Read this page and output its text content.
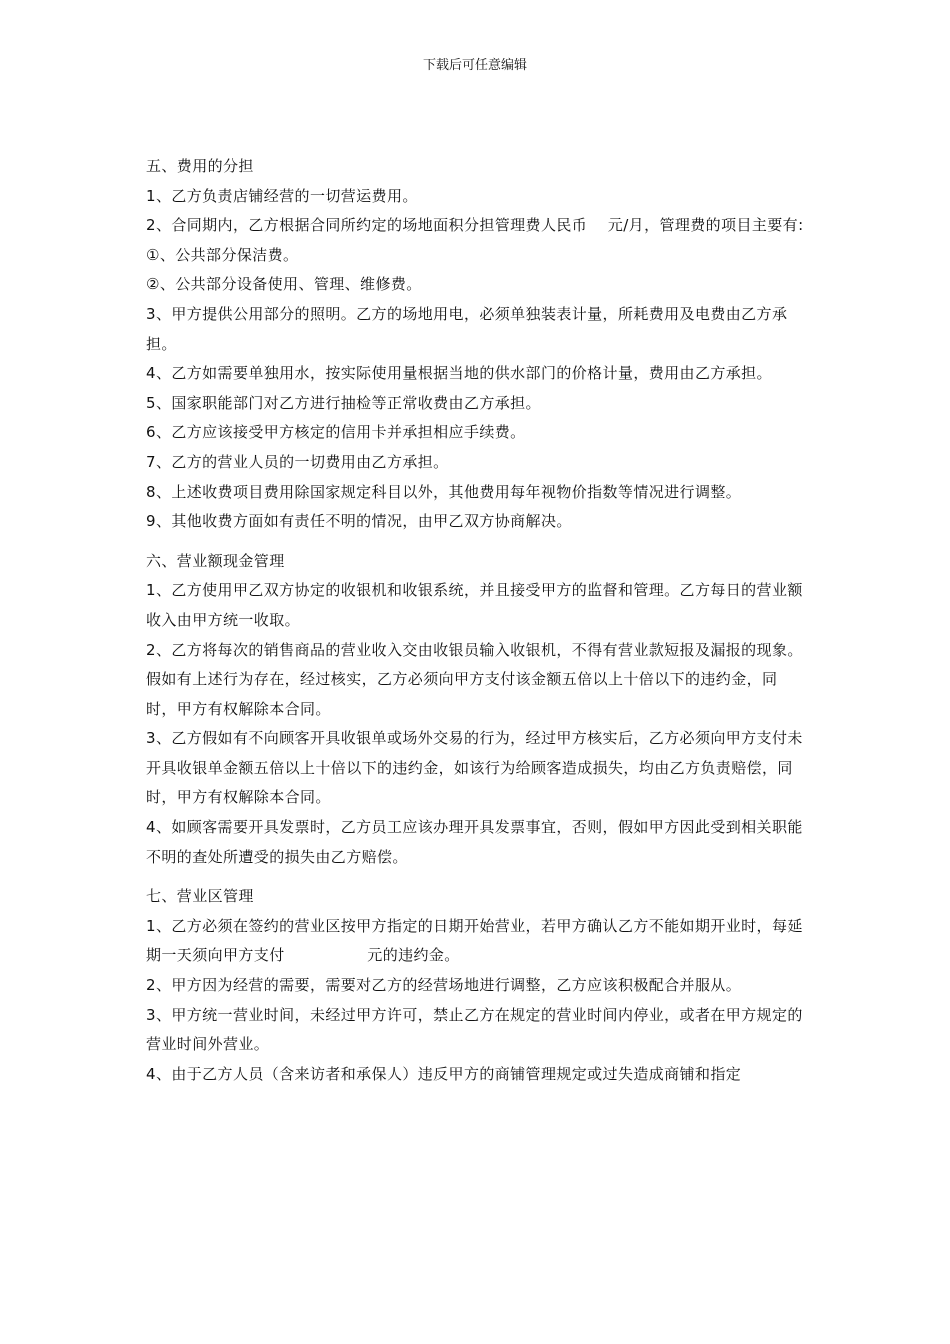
下载后可任意编辑

五、费用的分担

1、乙方负责店铺经营的一切营运费用。

2、合同期内，乙方根据合同所约定的场地面积分担管理费人民币    元/月，管理费的项目主要有:

①、公共部分保洁费。

②、公共部分设备使用、管理、维修费。

3、甲方提供公用部分的照明。乙方的场地用电，必须单独装表计量，所耗费用及电费由乙方承担。

4、乙方如需要单独用水，按实际使用量根据当地的供水部门的价格计量，费用由乙方承担。

5、国家职能部门对乙方进行抽检等正常收费由乙方承担。

6、乙方应该接受甲方核定的信用卡并承担相应手续费。

7、乙方的营业人员的一切费用由乙方承担。

8、上述收费项目费用除国家规定科目以外，其他费用每年视物价指数等情况进行调整。

9、其他收费方面如有责任不明的情况，由甲乙双方协商解决。

六、营业额现金管理

1、乙方使用甲乙双方协定的收银机和收银系统，并且接受甲方的监督和管理。乙方每日的营业额收入由甲方统一收取。

2、乙方将每次的销售商品的营业收入交由收银员输入收银机，不得有营业款短报及漏报的现象。假如有上述行为存在，经过核实，乙方必须向甲方支付该金额五倍以上十倍以下的违约金，同时，甲方有权解除本合同。

3、乙方假如有不向顾客开具收银单或场外交易的行为，经过甲方核实后，乙方必须向甲方支付未开具收银单金额五倍以上十倍以下的违约金，如该行为给顾客造成损失，均由乙方负责赔偿，同时，甲方有权解除本合同。

4、如顾客需要开具发票时，乙方员工应该办理开具发票事宜，否则，假如甲方因此受到相关职能不明的查处所遭受的损失由乙方赔偿。

七、营业区管理

1、乙方必须在签约的营业区按甲方指定的日期开始营业，若甲方确认乙方不能如期开业时，每延期一天须向甲方支付                元的违约金。

2、甲方因为经营的需要，需要对乙方的经营场地进行调整，乙方应该积极配合并服从。

3、甲方统一营业时间，未经过甲方许可，禁止乙方在规定的营业时间内停业，或者在甲方规定的营业时间外营业。

4、由于乙方人员（含来访者和承保人）违反甲方的商铺管理规定或过失造成商铺和指定
